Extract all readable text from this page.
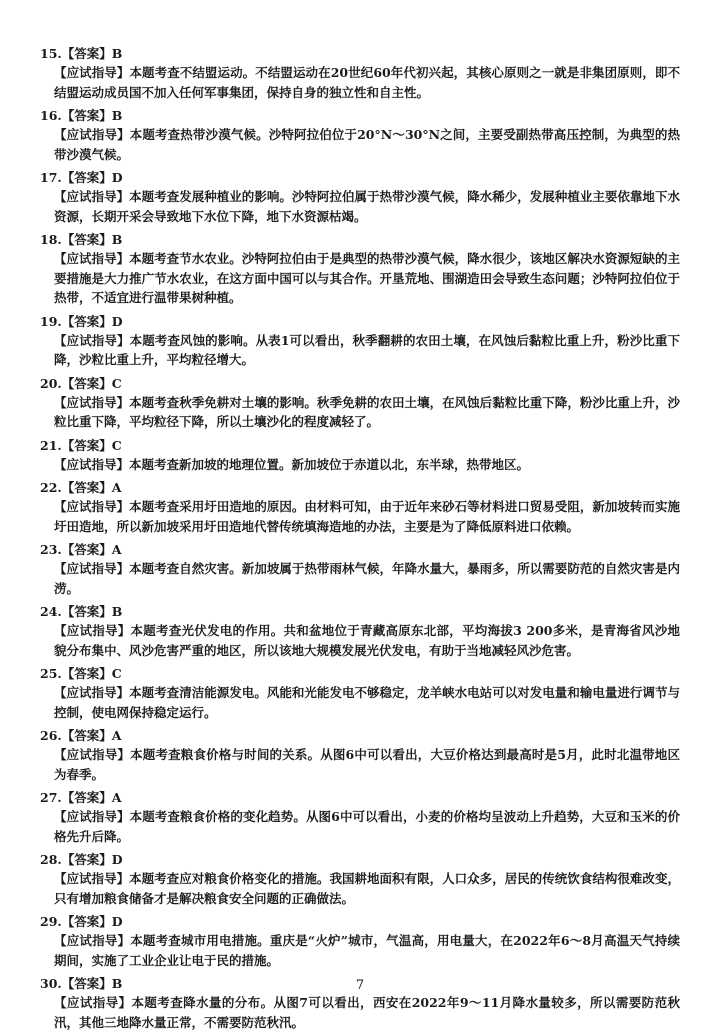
15.【答案】B
【应试指导】本题考查不结盟运动。不结盟运动在20世纪60年代初兴起，其核心原则之一就是非集团原则，即不结盟运动成员国不加入任何军事集团，保持自身的独立性和自主性。
16.【答案】B
【应试指导】本题考查热带沙漠气候。沙特阿拉伯位于20°N～30°N之间，主要受副热带高压控制，为典型的热带沙漠气候。
17.【答案】D
【应试指导】本题考查发展种植业的影响。沙特阿拉伯属于热带沙漠气候，降水稀少，发展种植业主要依靠地下水资源，长期开采会导致地下水位下降，地下水资源枯竭。
18.【答案】B
【应试指导】本题考查节水农业。沙特阿拉伯由于是典型的热带沙漠气候，降水很少，该地区解决水资源短缺的主要措施是大力推广节水农业，在这方面中国可以与其合作。开垦荒地、围湖造田会导致生态问题；沙特阿拉伯位于热带，不适宜进行温带果树种植。
19.【答案】D
【应试指导】本题考查风蚀的影响。从表1可以看出，秋季翻耕的农田土壤，在风蚀后黏粒比重上升，粉沙比重下降，沙粒比重上升，平均粒径增大。
20.【答案】C
【应试指导】本题考查秋季免耕对土壤的影响。秋季免耕的农田土壤，在风蚀后黏粒比重下降，粉沙比重上升，沙粒比重下降，平均粒径下降，所以土壤沙化的程度减轻了。
21.【答案】C
【应试指导】本题考查新加坡的地理位置。新加坡位于赤道以北，东半球，热带地区。
22.【答案】A
【应试指导】本题考查采用圩田造地的原因。由材料可知，由于近年来砂石等材料进口贸易受阻，新加坡转而实施圩田造地，所以新加坡采用圩田造地代替传统填海造地的办法，主要是为了降低原料进口依赖。
23.【答案】A
【应试指导】本题考查自然灾害。新加坡属于热带雨林气候，年降水量大，暴雨多，所以需要防范的自然灾害是内涝。
24.【答案】B
【应试指导】本题考查光伏发电的作用。共和盆地位于青藏高原东北部，平均海拔3 200多米，是青海省风沙地貌分布集中、风沙危害严重的地区，所以该地大规模发展光伏发电，有助于当地减轻风沙危害。
25.【答案】C
【应试指导】本题考查清洁能源发电。风能和光能发电不够稳定，龙羊峡水电站可以对发电量和输电量进行调节与控制，使电网保持稳定运行。
26.【答案】A
【应试指导】本题考查粮食价格与时间的关系。从图6中可以看出，大豆价格达到最高时是5月，此时北温带地区为春季。
27.【答案】A
【应试指导】本题考查粮食价格的变化趋势。从图6中可以看出，小麦的价格均呈波动上升趋势，大豆和玉米的价格先升后降。
28.【答案】D
【应试指导】本题考查应对粮食价格变化的措施。我国耕地面积有限，人口众多，居民的传统饮食结构很难改变，只有增加粮食储备才是解决粮食安全问题的正确做法。
29.【答案】D
【应试指导】本题考查城市用电措施。重庆是“火炉”城市，气温高，用电量大，在2022年6～8月高温天气持续期间，实施了工业企业让电于民的措施。
30.【答案】B
【应试指导】本题考查降水量的分布。从图7可以看出，西安在2022年9～11月降水量较多，所以需要防范秋汛，其他三地降水量正常，不需要防范秋汛。
7
